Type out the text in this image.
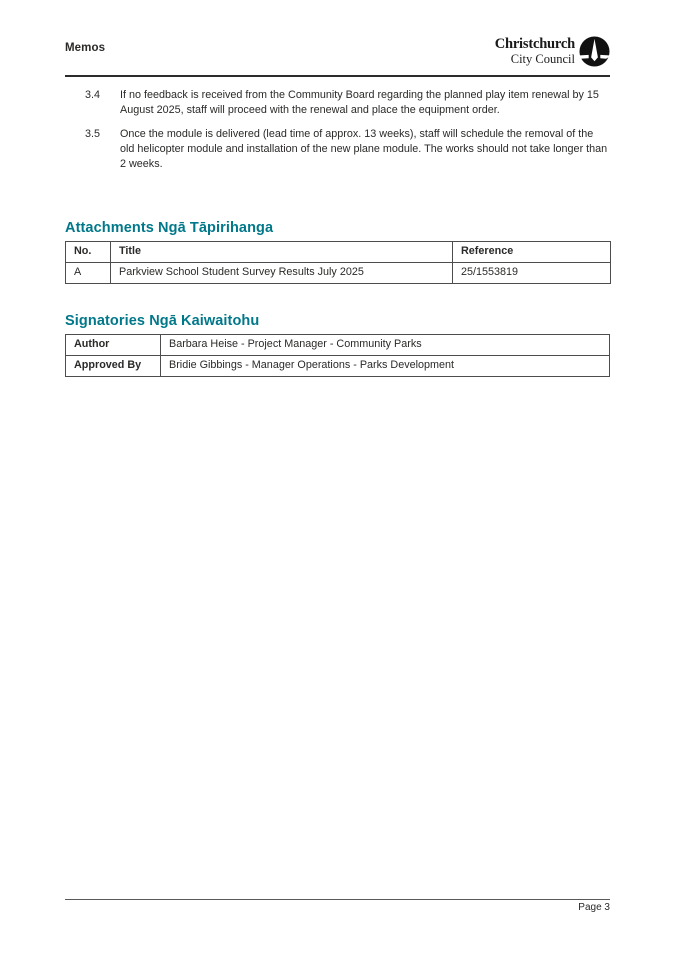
Memos	Christchurch
City Council
3.4	If no feedback is received from the Community Board regarding the planned play item renewal by 15 August 2025, staff will proceed with the renewal and place the equipment order.
3.5	Once the module is delivered (lead time of approx. 13 weeks), staff will schedule the removal of the old helicopter module and installation of the new plane module. The works should not take longer than 2 weeks.
Attachments Ngā Tāpirihanga
No.	Title	Reference
A	Parkview School Student Survey Results July 2025	25/1553819
Signatories Ngā Kaiwaitohu
Author	Barbara Heise - Project Manager - Community Parks
Approved By	Bridie Gibbings - Manager Operations - Parks Development
Page 3
